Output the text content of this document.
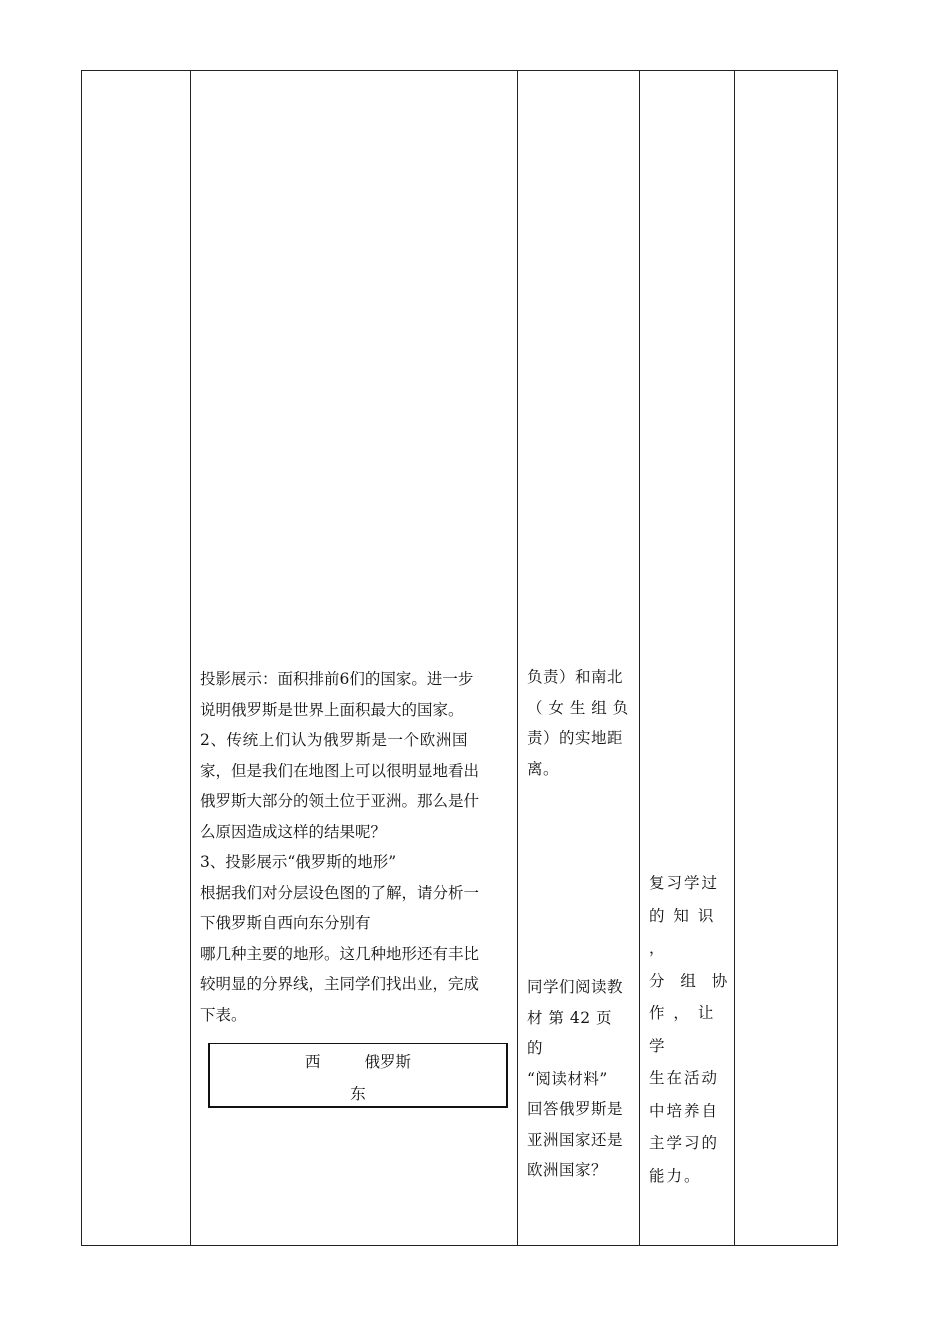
投影展示：面积排前6们的国家。进一步

说明俄罗斯是世界上面积最大的国家。

2、传统上们认为俄罗斯是一个欧洲国

家，但是我们在地图上可以很明显地看出

俄罗斯大部分的领土位于亚洲。那么是什

么原因造成这样的结果呢？

3、投影展示“俄罗斯的地形”

根据我们对分层设色图的了解，请分析一

下俄罗斯自西向东分别有

哪几种主要的地形。这几种地形还有丰比

较明显的分界线，主同学们找出业，完成

下表。

西	俄罗斯
东

负责）和南北

（ 女 生 组 负

责）的实地距

离。

同学们阅读教

材 第 42 页 的

“阅读材料”

回答俄罗斯是

亚洲国家还是

欧洲国家？

复习学过

的 知 识 ，

分  组  协

作 ， 让 学

生在活动

中培养自

主学习的

能力。
